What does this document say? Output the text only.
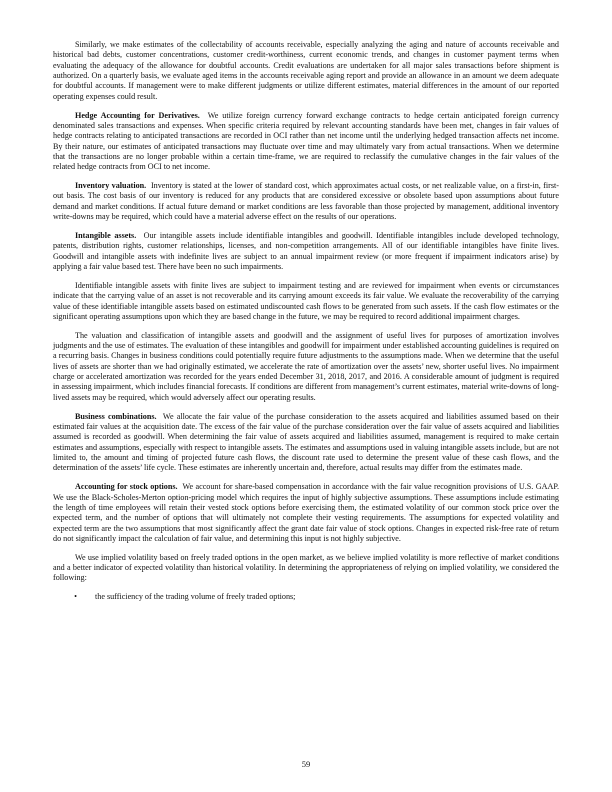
Similarly, we make estimates of the collectability of accounts receivable, especially analyzing the aging and nature of accounts receivable and historical bad debts, customer concentrations, customer credit-worthiness, current economic trends, and changes in customer payment terms when evaluating the adequacy of the allowance for doubtful accounts. Credit evaluations are undertaken for all major sales transactions before shipment is authorized. On a quarterly basis, we evaluate aged items in the accounts receivable aging report and provide an allowance in an amount we deem adequate for doubtful accounts. If management were to make different judgments or utilize different estimates, material differences in the amount of our reported operating expenses could result.

Hedge Accounting for Derivatives.  We utilize foreign currency forward exchange contracts to hedge certain anticipated foreign currency denominated sales transactions and expenses. When specific criteria required by relevant accounting standards have been met, changes in fair values of hedge contracts relating to anticipated transactions are recorded in OCI rather than net income until the underlying hedged transaction affects net income. By their nature, our estimates of anticipated transactions may fluctuate over time and may ultimately vary from actual transactions. When we determine that the transactions are no longer probable within a certain time-frame, we are required to reclassify the cumulative changes in the fair values of the related hedge contracts from OCI to net income.

Inventory valuation.  Inventory is stated at the lower of standard cost, which approximates actual costs, or net realizable value, on a first-in, first-out basis. The cost basis of our inventory is reduced for any products that are considered excessive or obsolete based upon assumptions about future demand and market conditions. If actual future demand or market conditions are less favorable than those projected by management, additional inventory write-downs may be required, which could have a material adverse effect on the results of our operations.

Intangible assets.  Our intangible assets include identifiable intangibles and goodwill. Identifiable intangibles include developed technology, patents, distribution rights, customer relationships, licenses, and non-competition arrangements. All of our identifiable intangibles have finite lives. Goodwill and intangible assets with indefinite lives are subject to an annual impairment review (or more frequent if impairment indicators arise) by applying a fair value based test. There have been no such impairments.

Identifiable intangible assets with finite lives are subject to impairment testing and are reviewed for impairment when events or circumstances indicate that the carrying value of an asset is not recoverable and its carrying amount exceeds its fair value. We evaluate the recoverability of the carrying value of these identifiable intangible assets based on estimated undiscounted cash flows to be generated from such assets. If the cash flow estimates or the significant operating assumptions upon which they are based change in the future, we may be required to record additional impairment charges.

The valuation and classification of intangible assets and goodwill and the assignment of useful lives for purposes of amortization involves judgments and the use of estimates. The evaluation of these intangibles and goodwill for impairment under established accounting guidelines is required on a recurring basis. Changes in business conditions could potentially require future adjustments to the assumptions made. When we determine that the useful lives of assets are shorter than we had originally estimated, we accelerate the rate of amortization over the assets’ new, shorter useful lives. No impairment charge or accelerated amortization was recorded for the years ended December 31, 2018, 2017, and 2016. A considerable amount of judgment is required in assessing impairment, which includes financial forecasts. If conditions are different from management’s current estimates, material write-downs of long-lived assets may be required, which would adversely affect our operating results.

Business combinations.  We allocate the fair value of the purchase consideration to the assets acquired and liabilities assumed based on their estimated fair values at the acquisition date. The excess of the fair value of the purchase consideration over the fair value of assets acquired and liabilities assumed is recorded as goodwill. When determining the fair value of assets acquired and liabilities assumed, management is required to make certain estimates and assumptions, especially with respect to intangible assets. The estimates and assumptions used in valuing intangible assets include, but are not limited to, the amount and timing of projected future cash flows, the discount rate used to determine the present value of these cash flows, and the determination of the assets’ life cycle. These estimates are inherently uncertain and, therefore, actual results may differ from the estimates made.

Accounting for stock options.  We account for share-based compensation in accordance with the fair value recognition provisions of U.S. GAAP. We use the Black-Scholes-Merton option-pricing model which requires the input of highly subjective assumptions. These assumptions include estimating the length of time employees will retain their vested stock options before exercising them, the estimated volatility of our common stock price over the expected term, and the number of options that will ultimately not complete their vesting requirements. The assumptions for expected volatility and expected term are the two assumptions that most significantly affect the grant date fair value of stock options. Changes in expected risk-free rate of return do not significantly impact the calculation of fair value, and determining this input is not highly subjective.

We use implied volatility based on freely traded options in the open market, as we believe implied volatility is more reflective of market conditions and a better indicator of expected volatility than historical volatility. In determining the appropriateness of relying on implied volatility, we considered the following:

•	the sufficiency of the trading volume of freely traded options;
59
